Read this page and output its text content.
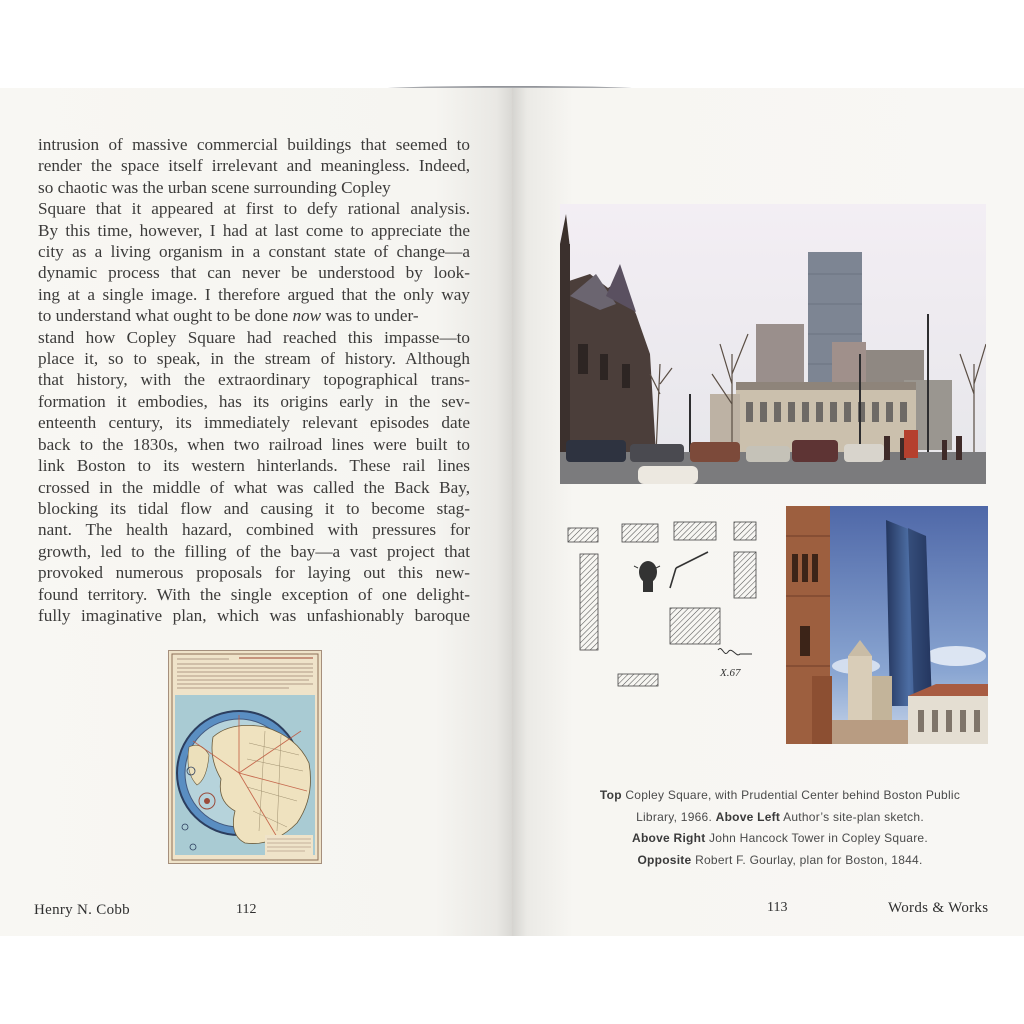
intrusion of massive commercial buildings that seemed to
render the space itself irrelevant and meaningless. Indeed,
so chaotic was the urban scene surrounding Copley
Square that it appeared at first to defy rational analysis.
By this time, however, I had at last come to appreciate the
city as a living organism in a constant state of change—a
dynamic process that can never be understood by look-
ing at a single image. I therefore argued that the only way
to understand what ought to be done now was to under-
stand how Copley Square had reached this impasse—to
place it, so to speak, in the stream of history. Although
that history, with the extraordinary topographical trans-
formation it embodies, has its origins early in the sev-
enteenth century, its immediately relevant episodes date
back to the 1830s, when two railroad lines were built to
link Boston to its western hinterlands. These rail lines
crossed in the middle of what was called the Back Bay,
blocking its tidal flow and causing it to become stag-
nant. The health hazard, combined with pressures for
growth, led to the filling of the bay—a vast project that
provoked numerous proposals for laying out this new-
found territory. With the single exception of one delight-
fully imaginative plan, which was unfashionably baroque
Henry N. Cobb	112
X.67
Top Copley Square, with Prudential Center behind Boston Public Library, 1966. Above Left Author’s site-plan sketch.
Above Right John Hancock Tower in Copley Square.
Opposite Robert F. Gourlay, plan for Boston, 1844.
113	Words & Works
